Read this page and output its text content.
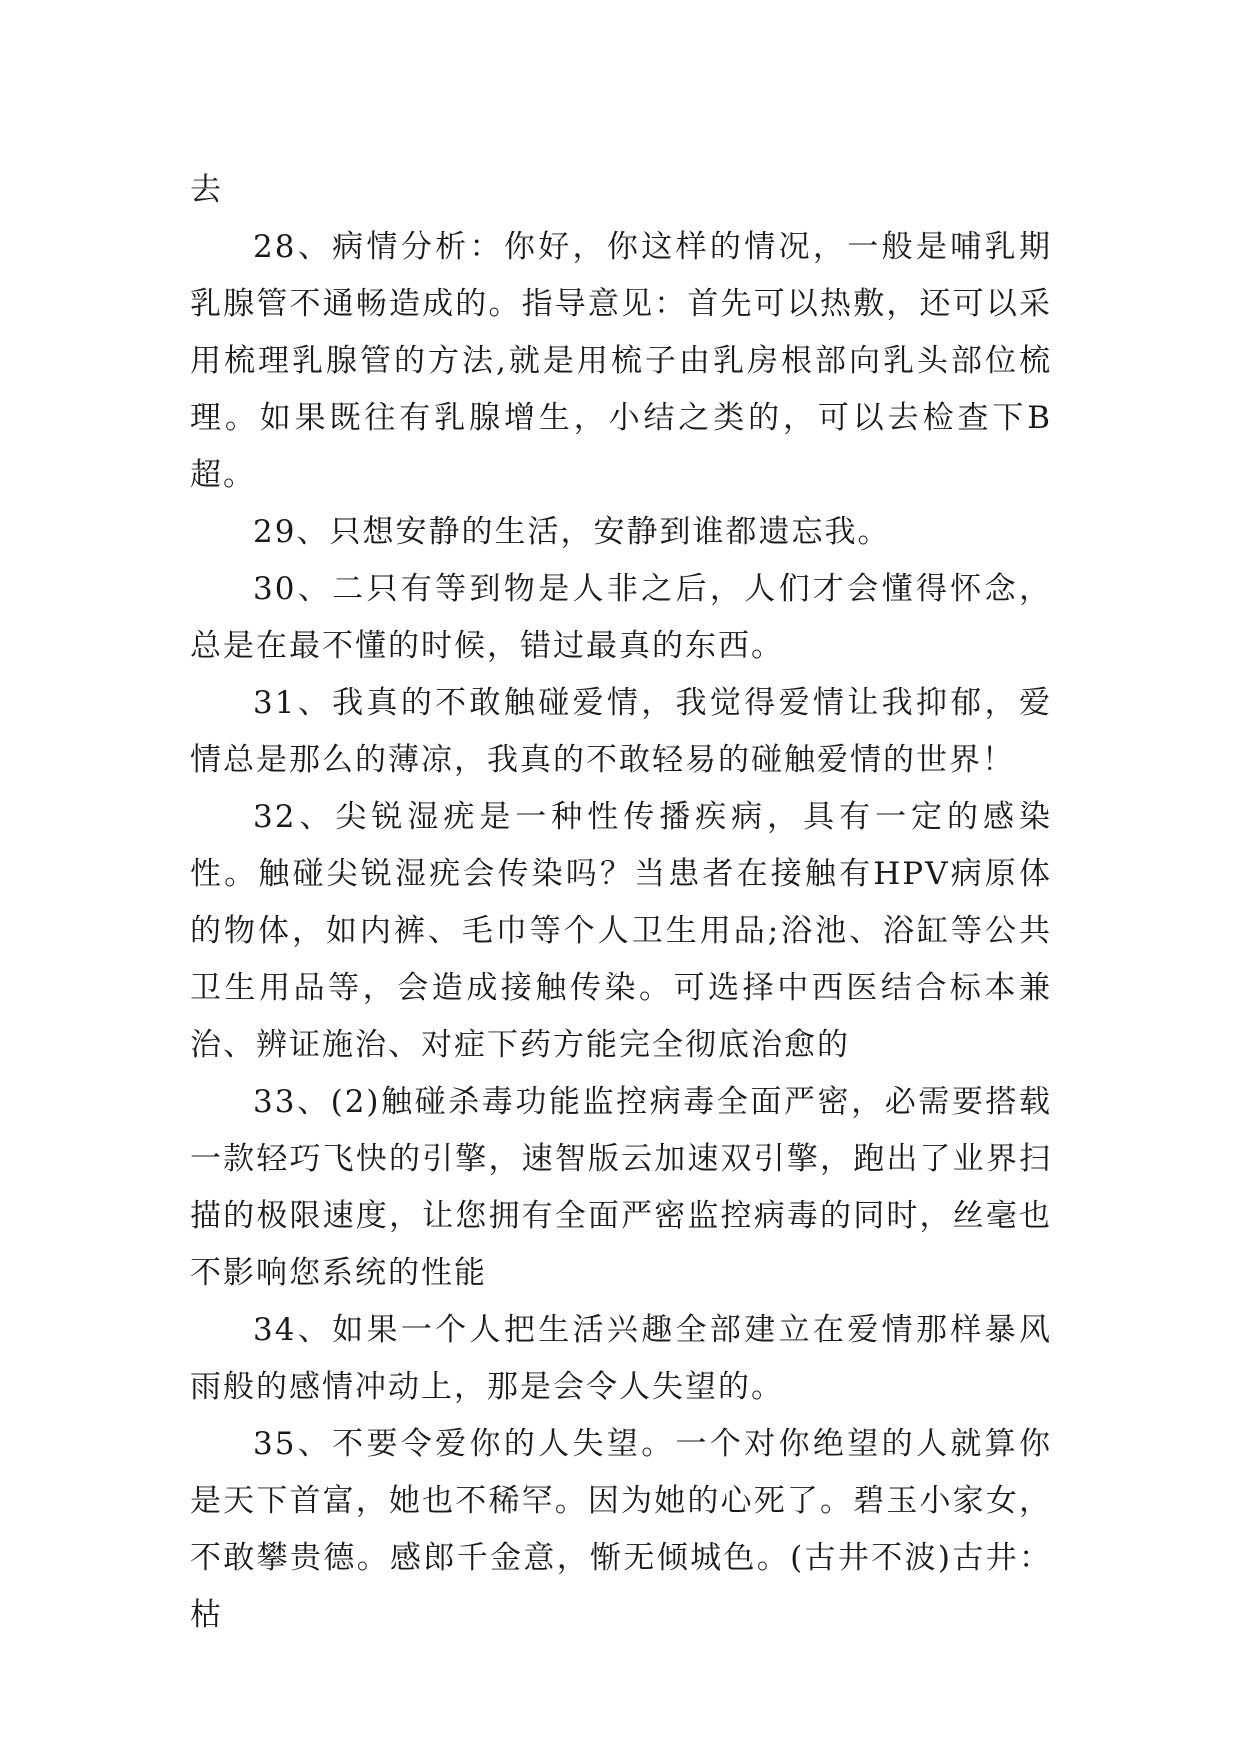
去

28、病情分析：你好，你这样的情况，一般是哺乳期乳腺管不通畅造成的。指导意见：首先可以热敷，还可以采用梳理乳腺管的方法,就是用梳子由乳房根部向乳头部位梳理。如果既往有乳腺增生，小结之类的，可以去检查下B超。

29、只想安静的生活，安静到谁都遗忘我。

30、二只有等到物是人非之后，人们才会懂得怀念，总是在最不懂的时候，错过最真的东西。

31、我真的不敢触碰爱情，我觉得爱情让我抑郁，爱情总是那么的薄凉，我真的不敢轻易的碰触爱情的世界！

32、尖锐湿疣是一种性传播疾病，具有一定的感染性。触碰尖锐湿疣会传染吗？当患者在接触有HPV病原体的物体，如内裤、毛巾等个人卫生用品;浴池、浴缸等公共卫生用品等，会造成接触传染。可选择中西医结合标本兼治、辨证施治、对症下药方能完全彻底治愈的

33、(2)触碰杀毒功能监控病毒全面严密，必需要搭载一款轻巧飞快的引擎，速智版云加速双引擎，跑出了业界扫描的极限速度，让您拥有全面严密监控病毒的同时，丝毫也不影响您系统的性能

34、如果一个人把生活兴趣全部建立在爱情那样暴风雨般的感情冲动上，那是会令人失望的。

35、不要令爱你的人失望。一个对你绝望的人就算你是天下首富，她也不稀罕。因为她的心死了。碧玉小家女，不敢攀贵德。感郎千金意，惭无倾城色。(古井不波)古井：枯
